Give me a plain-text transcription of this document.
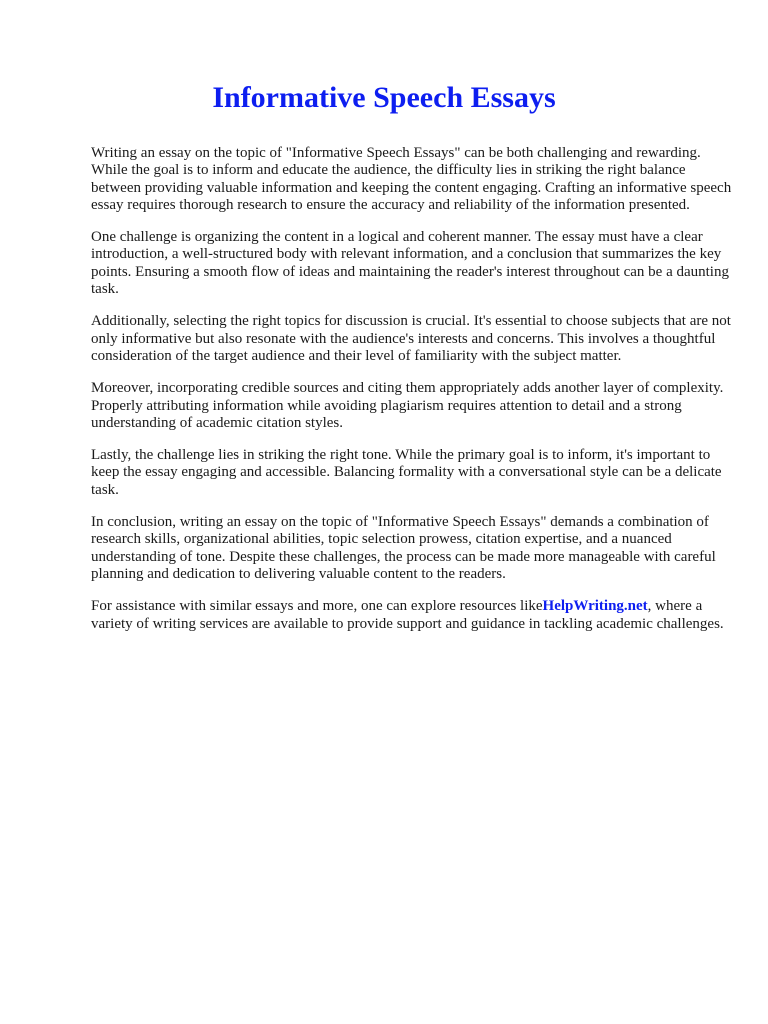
Informative Speech Essays

Writing an essay on the topic of "Informative Speech Essays" can be both challenging and rewarding. While the goal is to inform and educate the audience, the difficulty lies in striking the right balance between providing valuable information and keeping the content engaging. Crafting an informative speech essay requires thorough research to ensure the accuracy and reliability of the information presented.

One challenge is organizing the content in a logical and coherent manner. The essay must have a clear introduction, a well-structured body with relevant information, and a conclusion that summarizes the key points. Ensuring a smooth flow of ideas and maintaining the reader's interest throughout can be a daunting task.

Additionally, selecting the right topics for discussion is crucial. It's essential to choose subjects that are not only informative but also resonate with the audience's interests and concerns. This involves a thoughtful consideration of the target audience and their level of familiarity with the subject matter.

Moreover, incorporating credible sources and citing them appropriately adds another layer of complexity. Properly attributing information while avoiding plagiarism requires attention to detail and a strong understanding of academic citation styles.

Lastly, the challenge lies in striking the right tone. While the primary goal is to inform, it's important to keep the essay engaging and accessible. Balancing formality with a conversational style can be a delicate task.

In conclusion, writing an essay on the topic of "Informative Speech Essays" demands a combination of research skills, organizational abilities, topic selection prowess, citation expertise, and a nuanced understanding of tone. Despite these challenges, the process can be made more manageable with careful planning and dedication to delivering valuable content to the readers.

For assistance with similar essays and more, one can explore resources likeHelpWriting.net, where a variety of writing services are available to provide support and guidance in tackling academic challenges.
